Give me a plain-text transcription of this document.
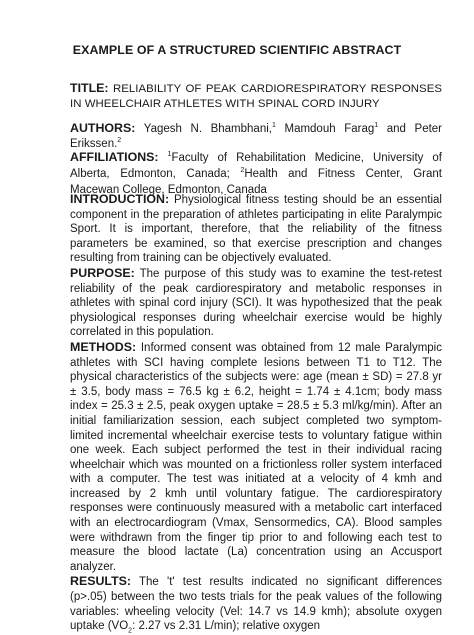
EXAMPLE OF A STRUCTURED SCIENTIFIC ABSTRACT

TITLE: RELIABILITY OF PEAK CARDIORESPIRATORY RESPONSES IN WHEELCHAIR ATHLETES WITH SPINAL CORD INJURY

AUTHORS: Yagesh N. Bhambhani,$^1$ Mamdouh Farag$^1$ and Peter Erikssen.$^2$

AFFILIATIONS: $^1$Faculty of Rehabilitation Medicine, University of Alberta, Edmonton, Canada; $^2$Health and Fitness Center, Grant Macewan College, Edmonton, Canada

INTRODUCTION: Physiological fitness testing should be an essential component in the preparation of athletes participating in elite Paralympic Sport. It is important, therefore, that the reliability of the fitness parameters be examined, so that exercise prescription and changes resulting from training can be objectively evaluated.

PURPOSE: The purpose of this study was to examine the test-retest reliability of the peak cardiorespiratory and metabolic responses in athletes with spinal cord injury (SCI). It was hypothesized that the peak physiological responses during wheelchair exercise would be highly correlated in this population.

METHODS: Informed consent was obtained from 12 male Paralympic athletes with SCI having complete lesions between T1 to T12. The physical characteristics of the subjects were: age (mean ± SD) = 27.8 yr ± 3.5, body mass = 76.5 kg ± 6.2, height = 1.74 ± 4.1cm; body mass index = 25.3 ± 2.5, peak oxygen uptake = 28.5 ± 5.3 ml/kg/min). After an initial familiarization session, each subject completed two symptom-limited incremental wheelchair exercise tests to voluntary fatigue within one week. Each subject performed the test in their individual racing wheelchair which was mounted on a frictionless roller system interfaced with a computer. The test was initiated at a velocity of 4 kmh and increased by 2 kmh until voluntary fatigue. The cardiorespiratory responses were continuously measured with a metabolic cart interfaced with an electrocardiogram (Vmax, Sensormedics, CA). Blood samples were withdrawn from the finger tip prior to and following each test to measure the blood lactate (La) concentration using an Accusport analyzer.

RESULTS: The 't' test results indicated no significant differences (p>.05) between the two tests trials for the peak values of the following variables: wheeling velocity (Vel: 14.7 vs 14.9 kmh); absolute oxygen uptake ($VO_2$: 2.27 vs 2.31 L/min); relative oxygen
